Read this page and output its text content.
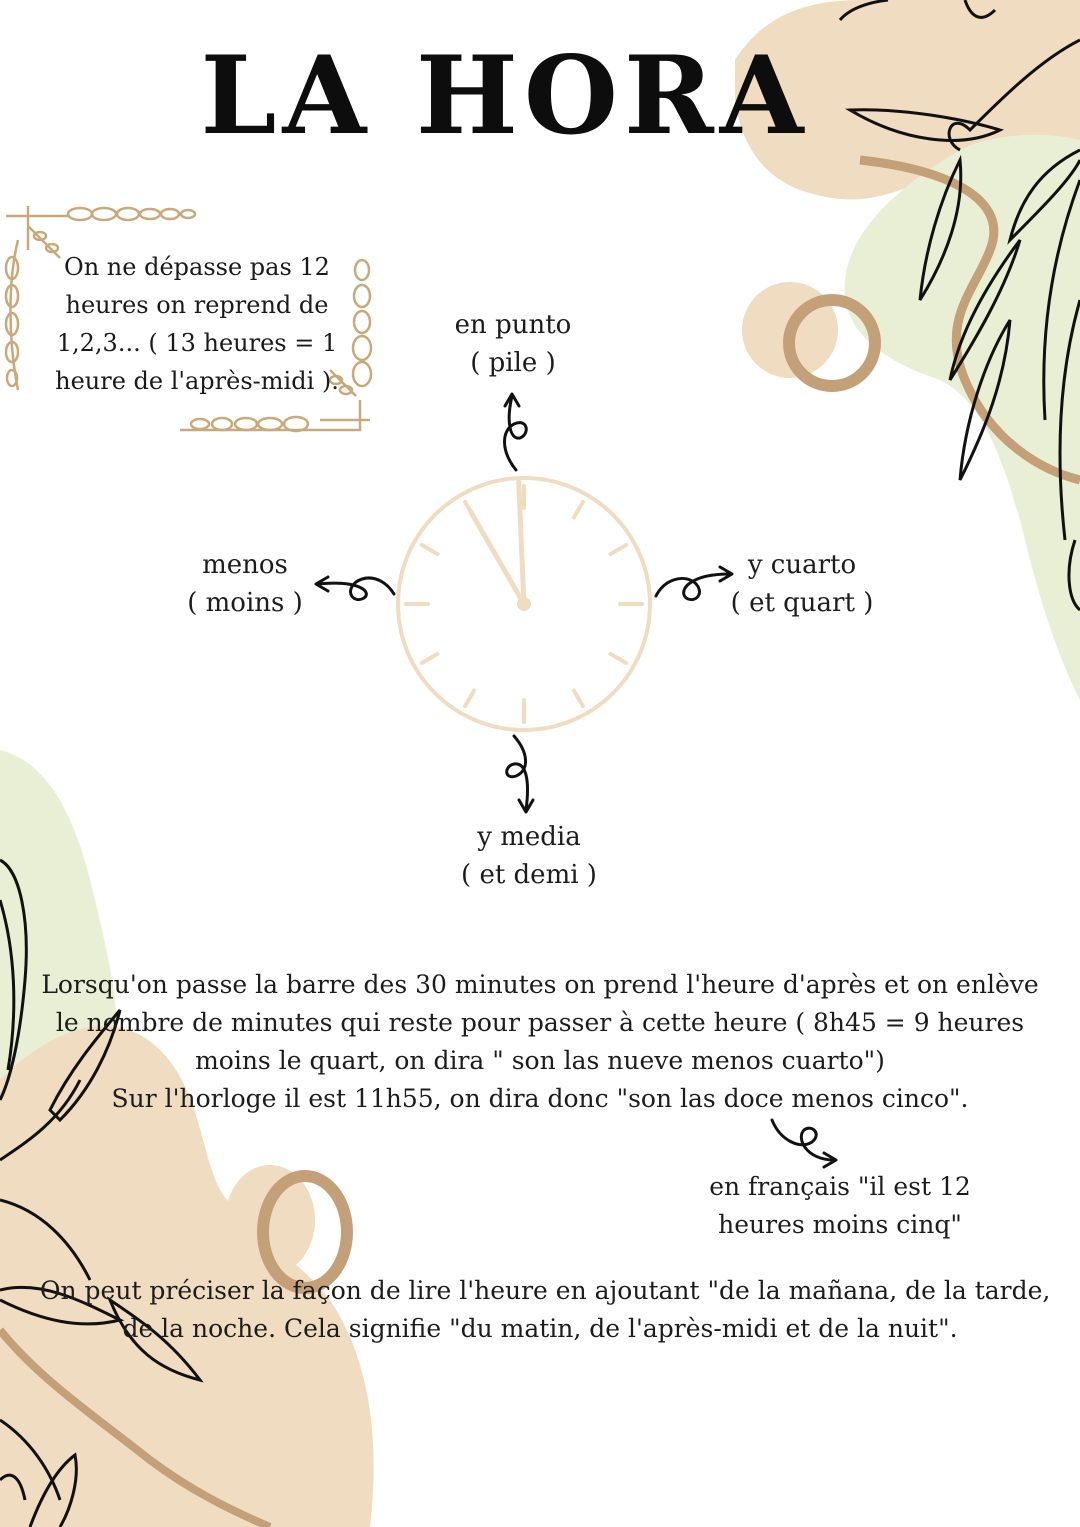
LA HORA
On ne dépasse pas 12
heures on reprend de
1,2,3... ( 13 heures = 1
heure de l'après-midi ).
en punto
( pile )
menos
( moins )
y cuarto
( et quart )
y media
( et demi )
Lorsqu'on passe la barre des 30 minutes on prend l'heure d'après et on enlève
le nombre de minutes qui reste pour passer à cette heure ( 8h45 = 9 heures
moins le quart, on dira " son las nueve menos cuarto")
Sur l'horloge il est 11h55, on dira donc "son las doce menos cinco".
en français "il est 12
heures moins cinq"
On peut préciser la façon de lire l'heure en ajoutant "de la mañana, de la tarde,
de la noche. Cela signifie "du matin, de l'après-midi et de la nuit".
